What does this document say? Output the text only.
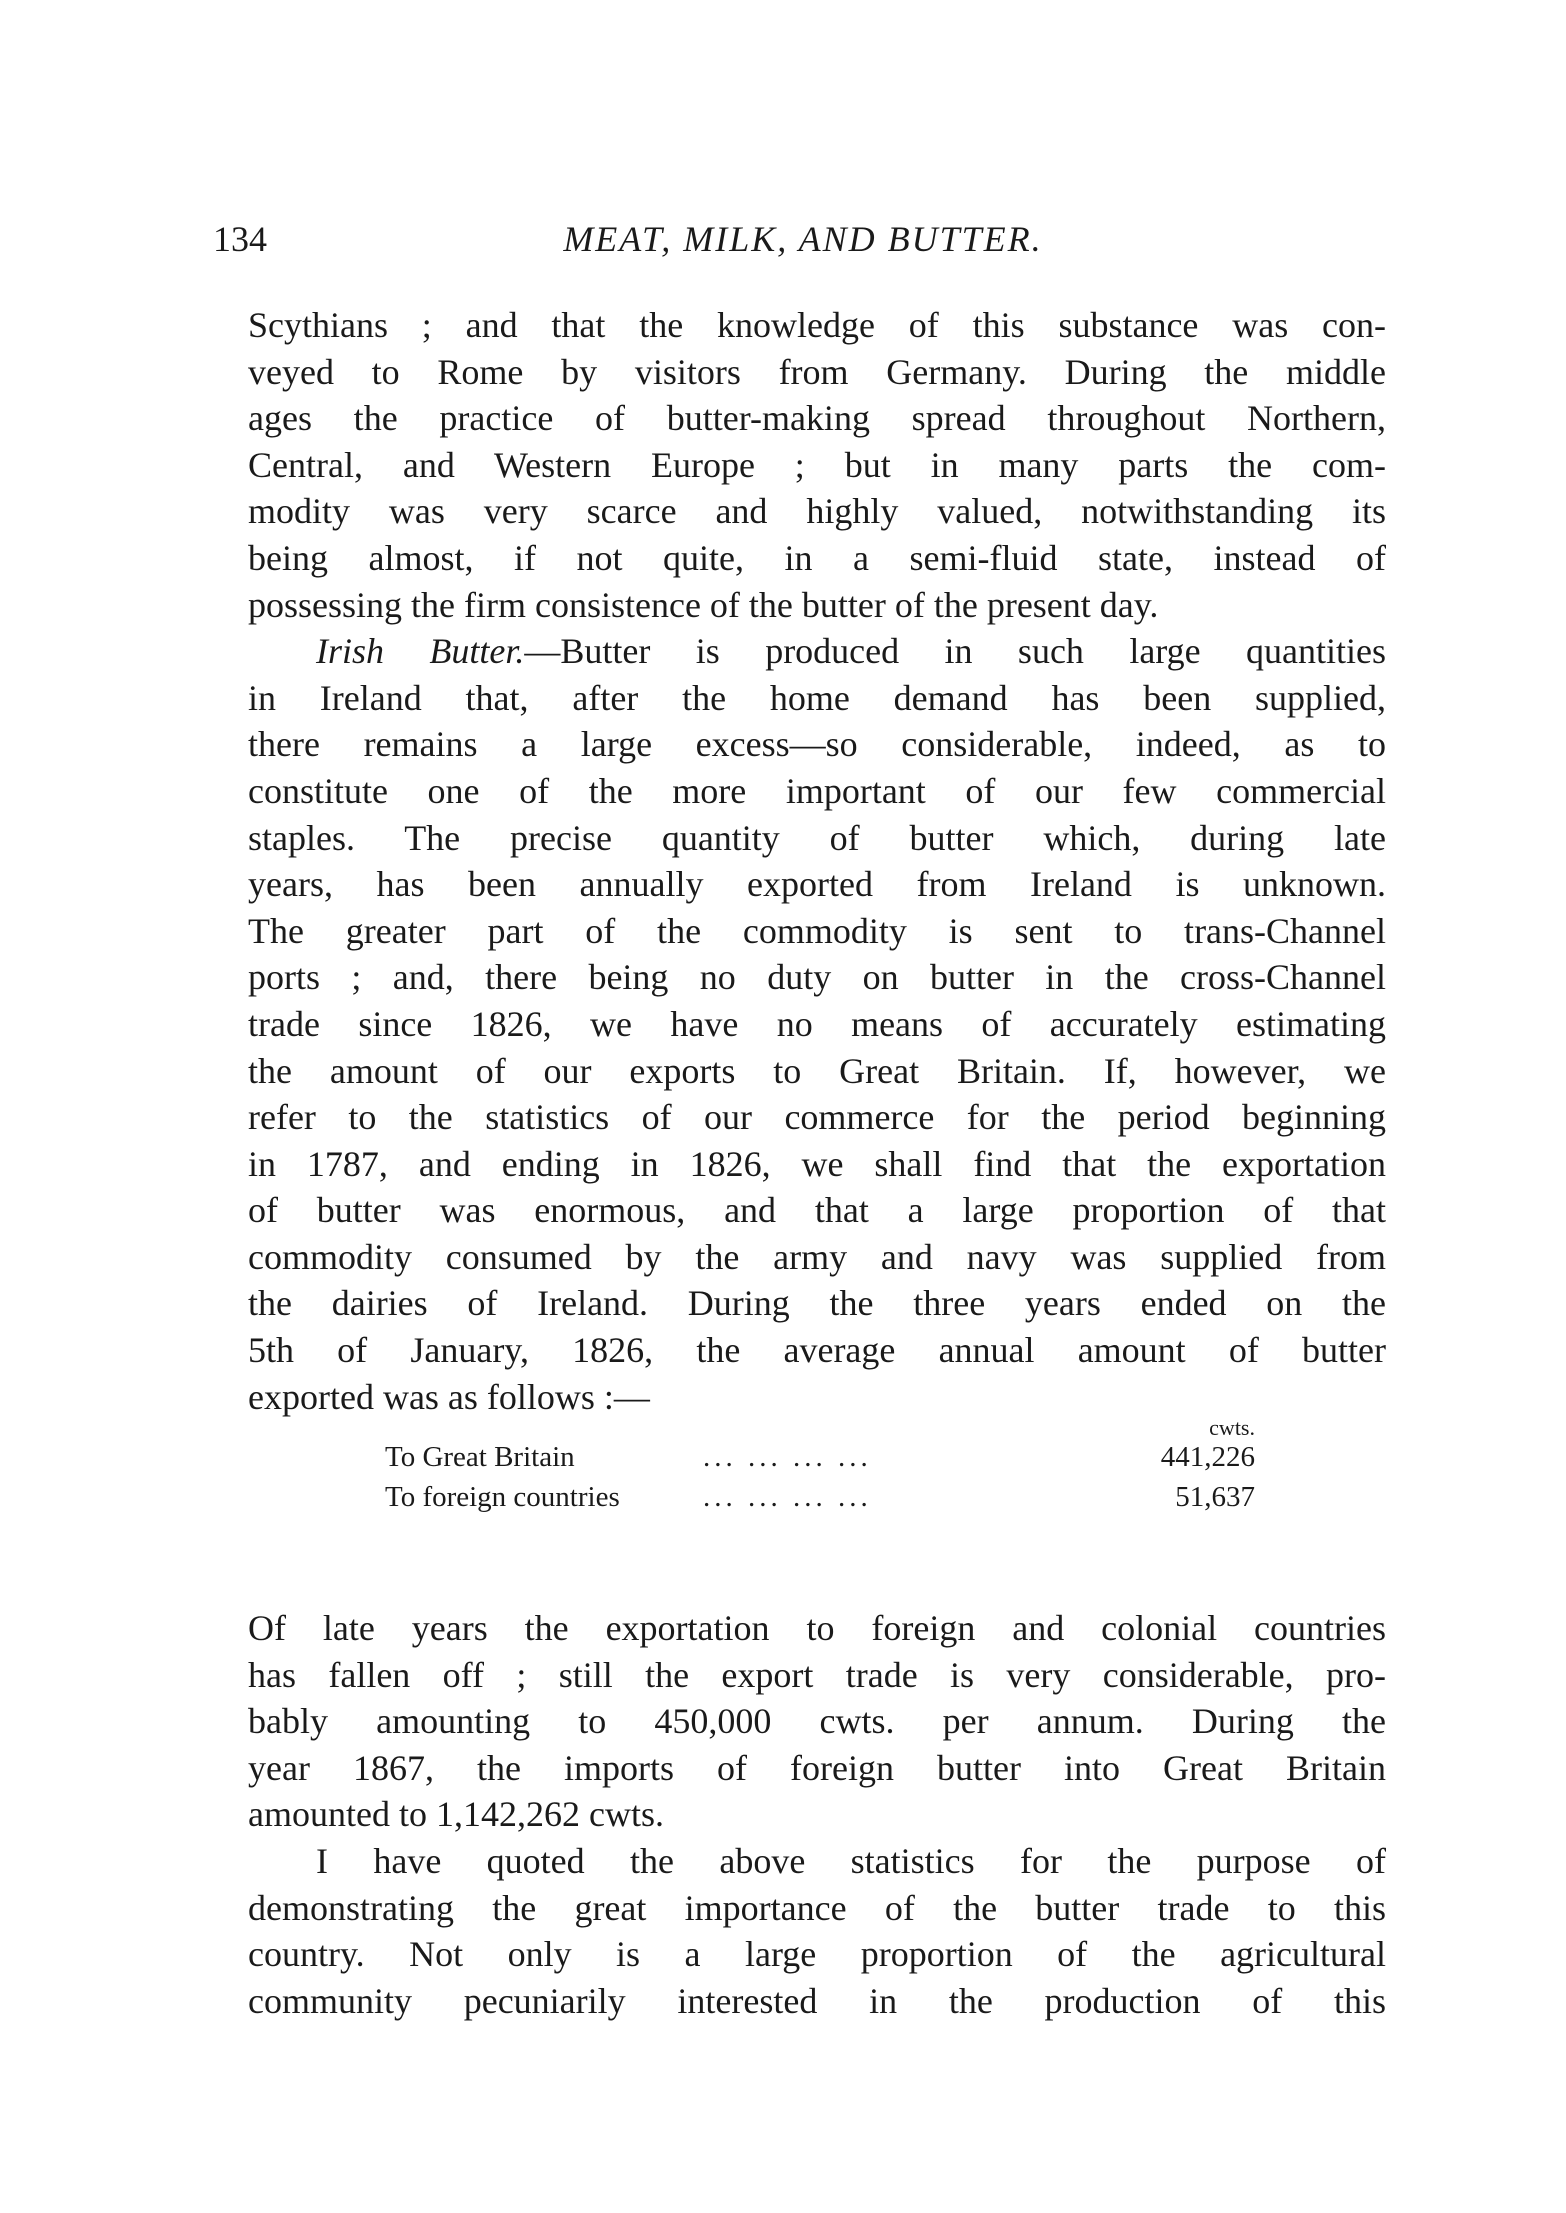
134	MEAT, MILK, AND BUTTER.

Scythians ; and that the knowledge of this substance was con-

veyed to Rome by visitors from Germany. During the middle

ages the practice of butter-making spread throughout Northern,

Central, and Western Europe ; but in many parts the com-

modity was very scarce and highly valued, notwithstanding its

being almost, if not quite, in a semi-fluid state, instead of

possessing the firm consistence of the butter of the present day.

Irish Butter.—Butter is produced in such large quantities

in Ireland that, after the home demand has been supplied,

there remains a large excess—so considerable, indeed, as to

constitute one of the more important of our few commercial

staples. The precise quantity of butter which, during late

years, has been annually exported from Ireland is unknown.

The greater part of the commodity is sent to trans-Channel

ports ; and, there being no duty on butter in the cross-Channel

trade since 1826, we have no means of accurately estimating

the amount of our exports to Great Britain. If, however, we

refer to the statistics of our commerce for the period beginning

in 1787, and ending in 1826, we shall find that the exportation

of butter was enormous, and that a large proportion of that

commodity consumed by the army and navy was supplied from

the dairies of Ireland. During the three years ended on the

5th of January, 1826, the average annual amount of butter

exported was as follows :—

cwts.
To Great Britain	... ... ... ...	441,226
To foreign countries	... ... ... ...	51,637

Of late years the exportation to foreign and colonial countries

has fallen off ; still the export trade is very considerable, pro-

bably amounting to 450,000 cwts. per annum. During the

year 1867, the imports of foreign butter into Great Britain

amounted to 1,142,262 cwts.

I have quoted the above statistics for the purpose of

demonstrating the great importance of the butter trade to this

country. Not only is a large proportion of the agricultural

community pecuniarily interested in the production of this
